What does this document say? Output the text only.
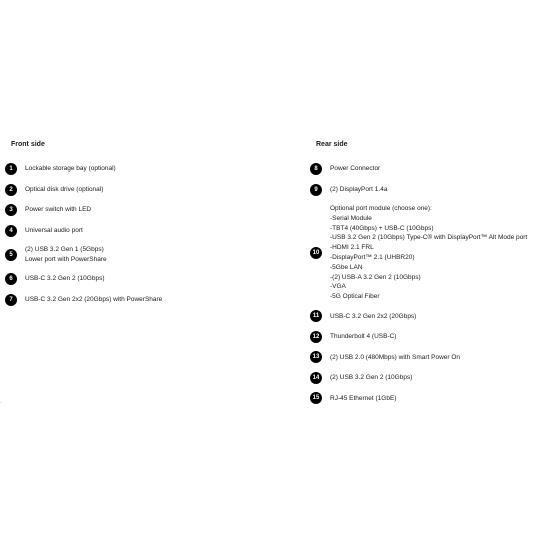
Front side
1	Lockable storage bay (optional)
2	Optical disk drive (optional)
3	Power switch with LED
4	Universal audio port
5
(2) USB 3.2 Gen 1 (5Gbps)
Lower port with PowerShare
6	USB-C 3.2 Gen 2 (10Gbps)
7	USB-C 3.2 Gen 2x2 (20Gbps) with PowerShare
Rear side
8	Power Connector
9	(2) DisplayPort 1.4a
10
Optional port module (choose one):
-Serial Module
-TBT4 (40Gbps) + USB-C (10Gbps)
-USB 3.2 Gen 2 (10Gbps) Type-C® with DisplayPort™ Alt Mode port
-HDMI 2.1 FRL
-DisplayPort™ 2.1 (UHBR20)
-5Gbe LAN
-(2) USB-A 3.2 Gen 2 (10Gbps)
-VGA
-5G Optical Fiber
11	USB-C 3.2 Gen 2x2 (20Gbps)
12	Thunderbolt 4 (USB-C)
13	(2) USB 2.0 (480Mbps) with Smart Power On
14	(2) USB 3.2 Gen 2 (10Gbps)
15	RJ-45 Ethernet (1GbE)
-
